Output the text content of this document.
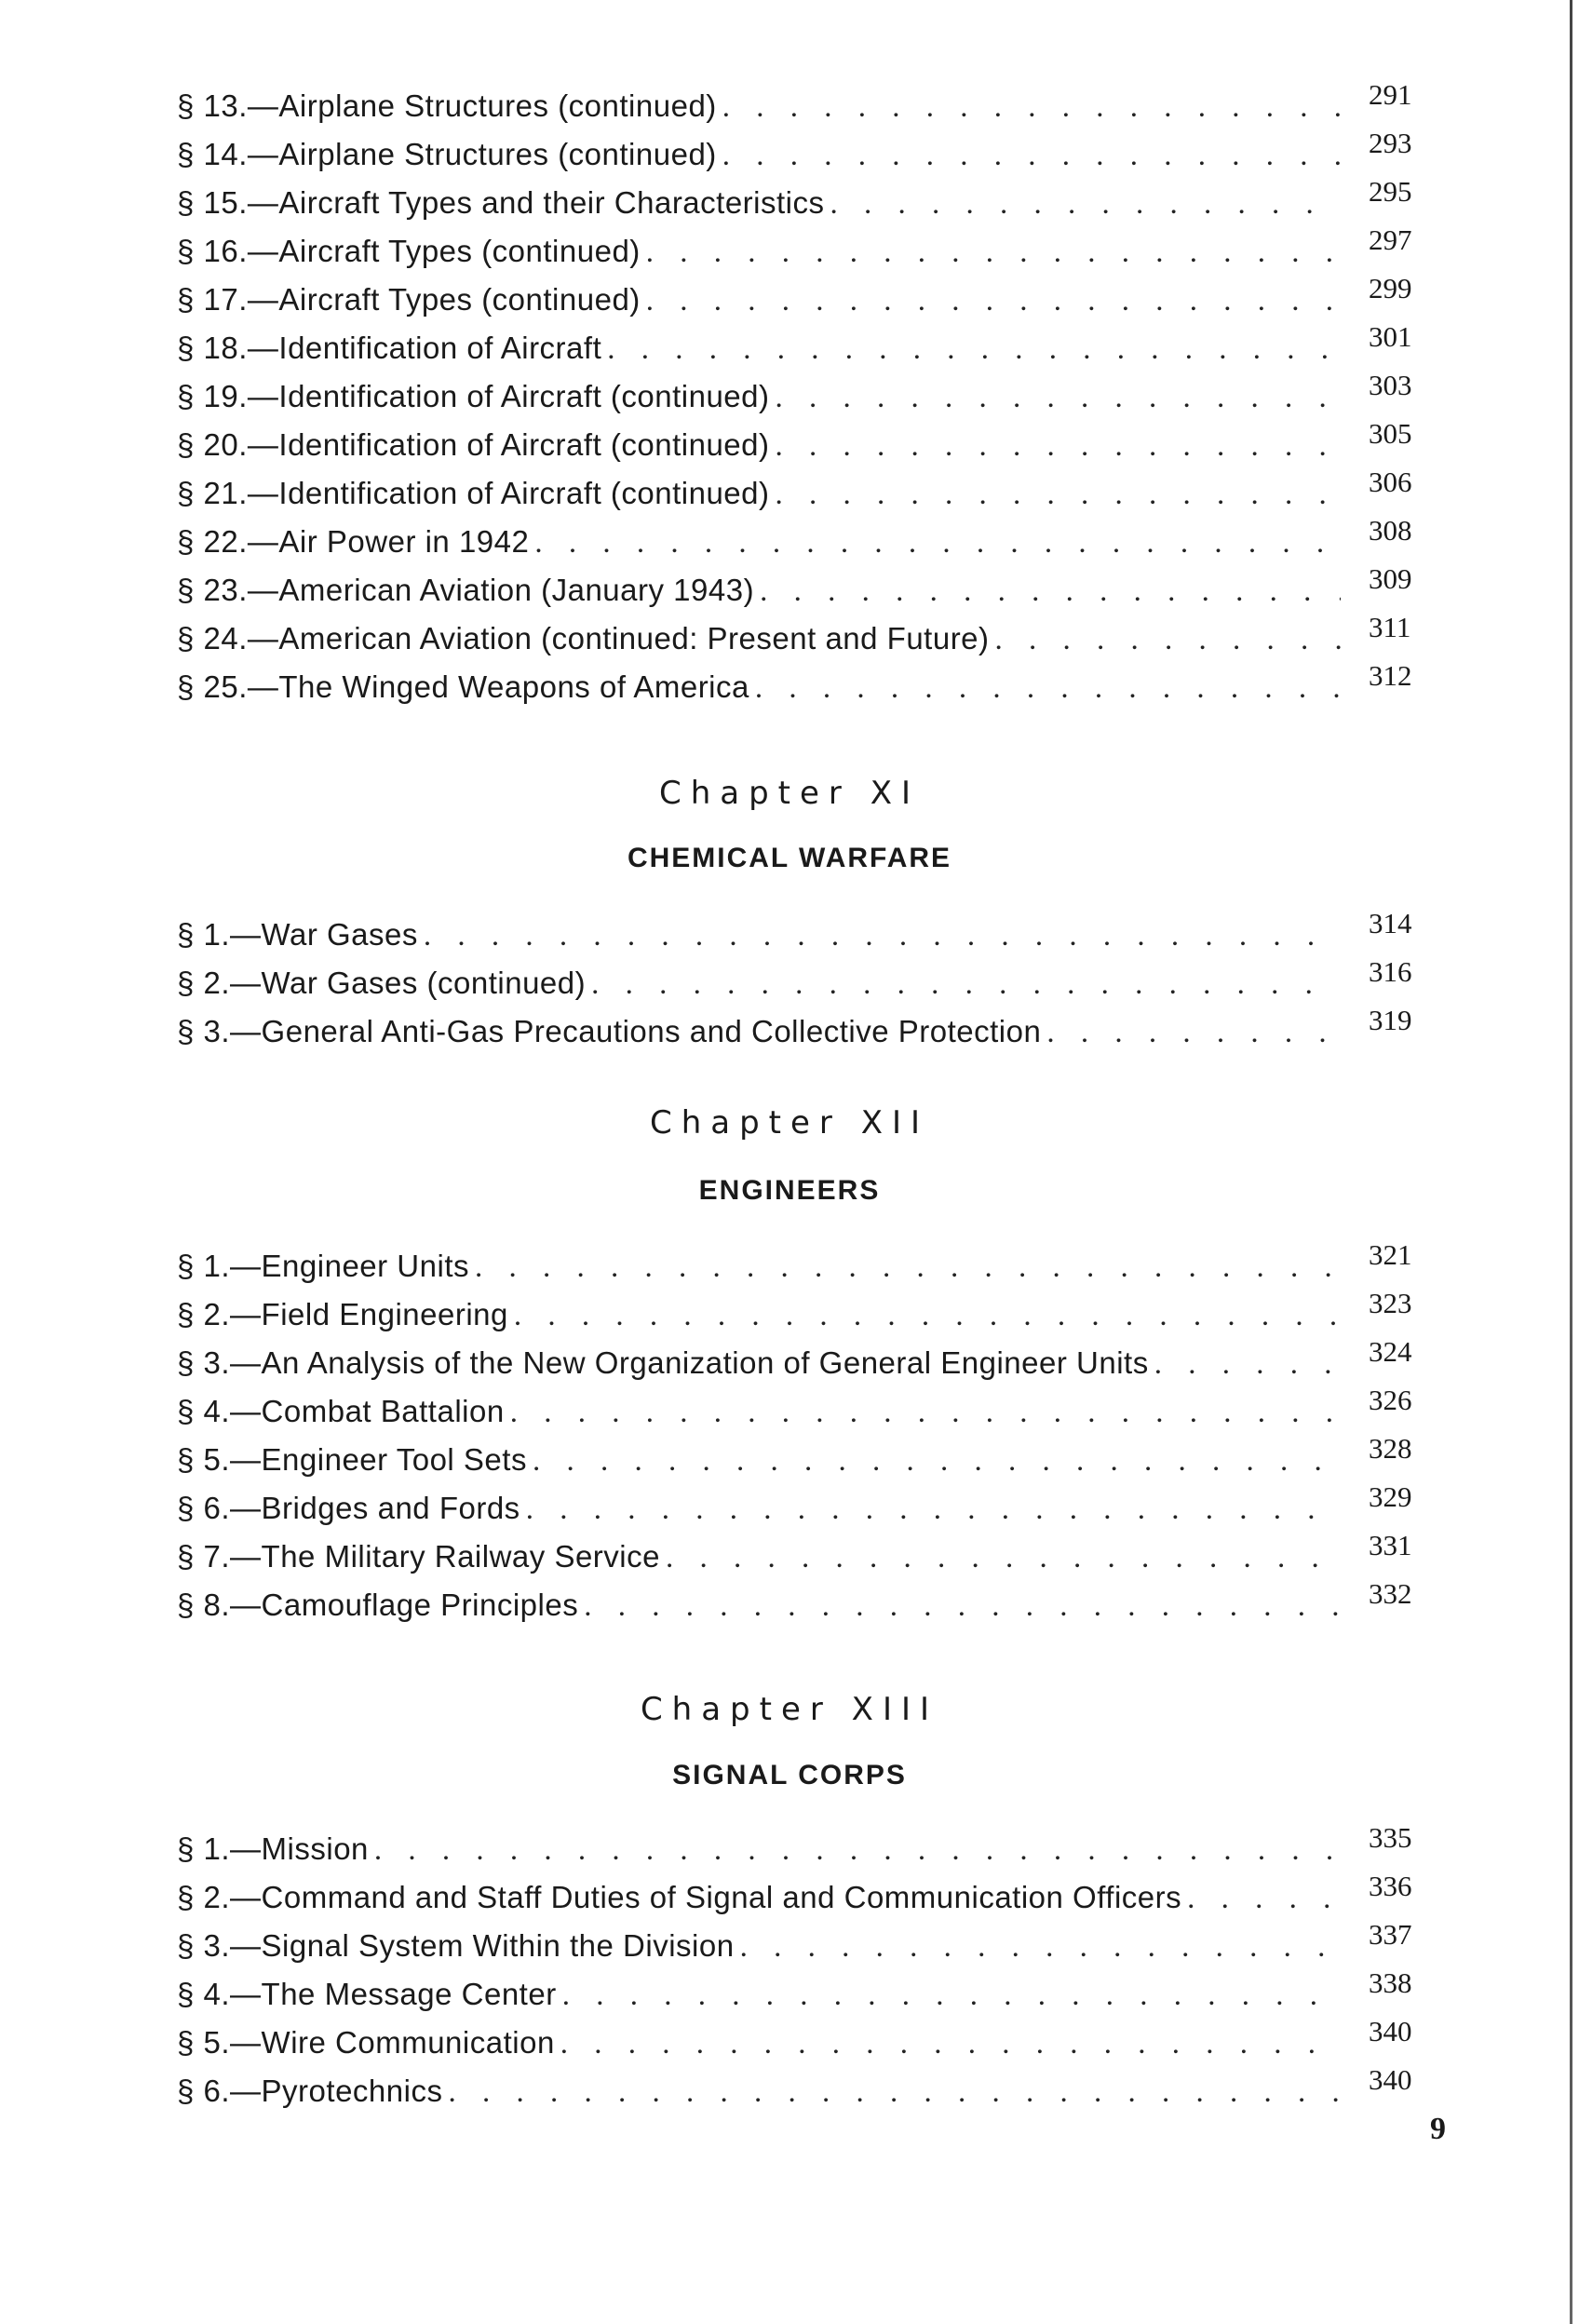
§ 13.—Airplane Structures (continued) . . .	291
§ 14.—Airplane Structures (continued) . . .	293
§ 15.—Aircraft Types and their Characteristics . . .	295
§ 16.—Aircraft Types (continued) . . .	297
§ 17.—Aircraft Types (continued) . . .	299
§ 18.—Identification of Aircraft . . .	301
§ 19.—Identification of Aircraft (continued) . . .	303
§ 20.—Identification of Aircraft (continued) . . .	305
§ 21.—Identification of Aircraft (continued) . . .	306
§ 22.—Air Power in 1942 . . .	308
§ 23.—American Aviation (January 1943) . . .	309
§ 24.—American Aviation (continued: Present and Future) . . .	311
§ 25.—The Winged Weapons of America . . .	312
Chapter XI
CHEMICAL WARFARE
§ 1.—War Gases . . .	314
§ 2.—War Gases (continued) . . .	316
§ 3.—General Anti-Gas Precautions and Collective Protection . . .	319
Chapter XII
ENGINEERS
§ 1.—Engineer Units . . .	321
§ 2.—Field Engineering . . .	323
§ 3.—An Analysis of the New Organization of General Engineer Units . . .	324
§ 4.—Combat Battalion . . .	326
§ 5.—Engineer Tool Sets . . .	328
§ 6.—Bridges and Fords . . .	329
§ 7.—The Military Railway Service . . .	331
§ 8.—Camouflage Principles . . .	332
Chapter XIII
SIGNAL CORPS
§ 1.—Mission . . .	335
§ 2.—Command and Staff Duties of Signal and Communication Officers . . .	336
§ 3.—Signal System Within the Division . . .	337
§ 4.—The Message Center . . .	338
§ 5.—Wire Communication . . .	340
§ 6.—Pyrotechnics . . .	340
9
